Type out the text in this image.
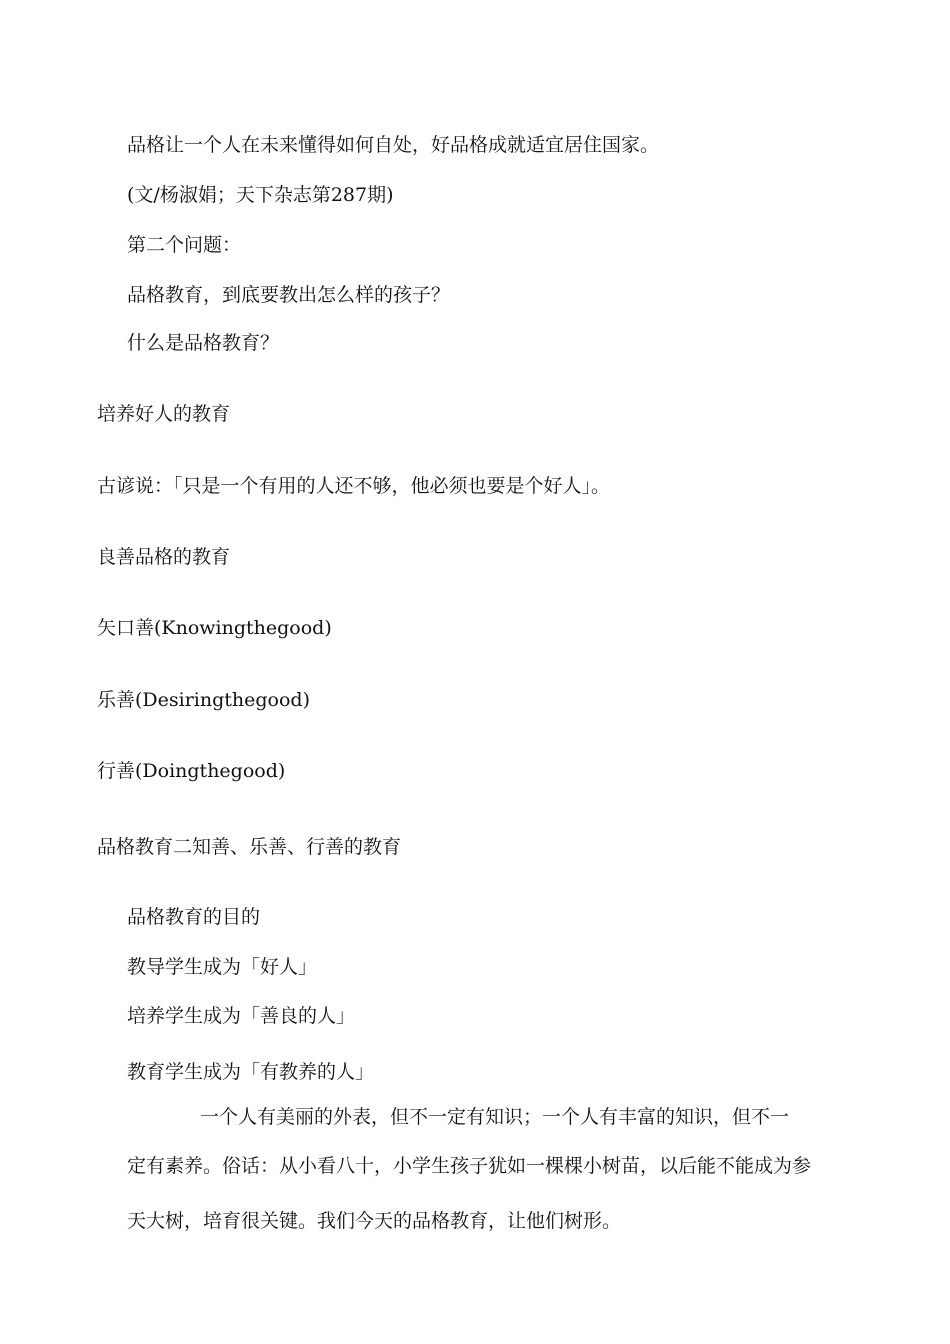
品格让一个人在未来懂得如何自处，好品格成就适宜居住国家。

(文/杨淑娟；天下杂志第287期)

第二个问题：

品格教育，到底要教出怎么样的孩子？

什么是品格教育？

培养好人的教育

古谚说：「只是一个有用的人还不够，他必须也要是个好人」。

良善品格的教育

矢口善(Knowingthegood)

乐善(Desiringthegood)

行善(Doingthegood)

品格教育二知善、乐善、行善的教育

品格教育的目的

教导学生成为「好人」

培养学生成为「善良的人」

教育学生成为「有教养的人」

一个人有美丽的外表，但不一定有知识；一个人有丰富的知识，但不一

定有素养。俗话：从小看八十，小学生孩子犹如一棵棵小树苗，以后能不能成为参

天大树，培育很关键。我们今天的品格教育，让他们树形。
